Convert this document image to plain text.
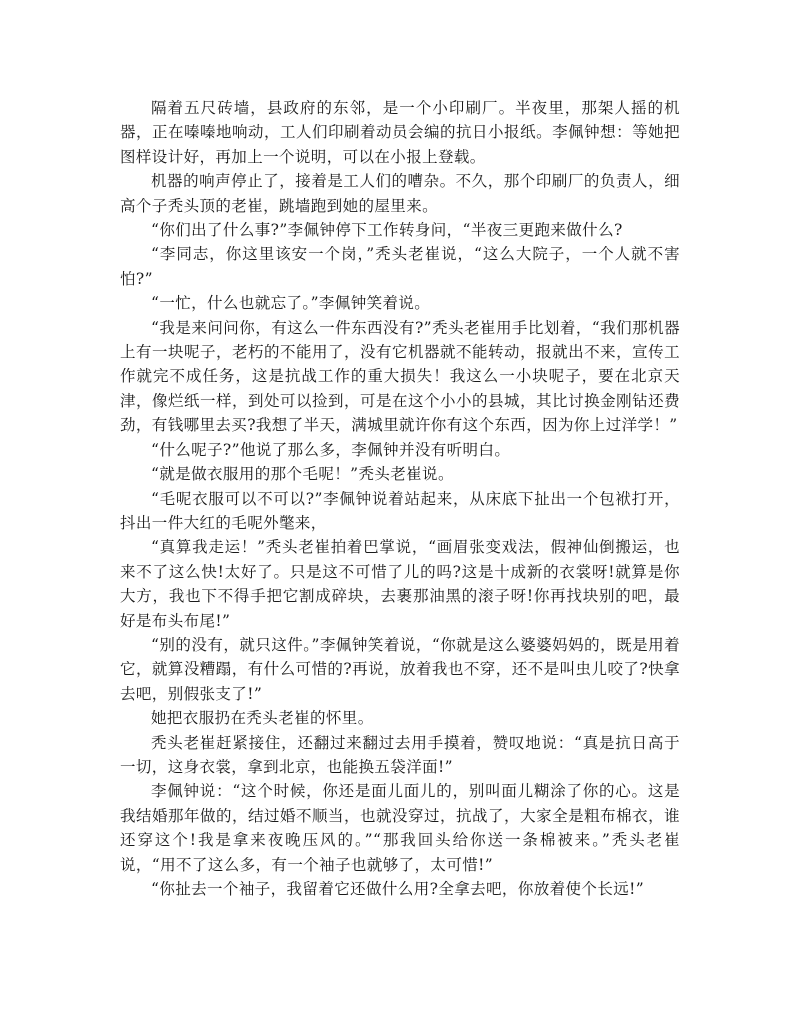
隔着五尺砖墙，县政府的东邻，是一个小印刷厂。半夜里，那架人摇的机器，正在嗪嗪地响动，工人们印刷着动员会编的抗日小报纸。李佩钟想：等她把图样设计好，再加上一个说明，可以在小报上登载。

机器的响声停止了，接着是工人们的嘈杂。不久，那个印刷厂的负责人，细高个子秃头顶的老崔，跳墙跑到她的屋里来。

“你们出了什么事?”李佩钟停下工作转身问，“半夜三更跑来做什么?

“李同志，你这里该安一个岗，”秃头老崔说，“这么大院子，一个人就不害怕?”

“一忙，什么也就忘了。”李佩钟笑着说。

“我是来问问你，有这么一件东西没有?”秃头老崔用手比划着，“我们那机器上有一块呢子，老朽的不能用了，没有它机器就不能转动，报就出不来，宣传工作就完不成任务，这是抗战工作的重大损失！我这么一小块呢子，要在北京天津，像烂纸一样，到处可以捡到，可是在这个小小的县城，其比讨换金刚钻还费劲，有钱哪里去买?我想了半天，满城里就许你有这个东西，因为你上过洋学！”

“什么呢子?”他说了那么多，李佩钟并没有听明白。

“就是做衣服用的那个毛呢！”秃头老崔说。

“毛呢衣服可以不可以?”李佩钟说着站起来，从床底下扯出一个包袱打开，抖出一件大红的毛呢外氅来，

“真算我走运！”秃头老崔拍着巴掌说，“画眉张变戏法，假神仙倒搬运，也来不了这么快!太好了。只是这不可惜了儿的吗?这是十成新的衣裳呀!就算是你大方，我也下不得手把它割成碎块，去裹那油黑的滚子呀!你再找块别的吧，最好是布头布尾!”

“别的没有，就只这件。”李佩钟笑着说，“你就是这么婆婆妈妈的，既是用着它，就算没糟蹋，有什么可惜的?再说，放着我也不穿，还不是叫虫儿咬了?快拿去吧，别假张支了!”

她把衣服扔在秃头老崔的怀里。

秃头老崔赶紧接住，还翻过来翻过去用手摸着，赞叹地说：“真是抗日高于一切，这身衣裳，拿到北京，也能换五袋洋面!”

李佩钟说：“这个时候，你还是面儿面儿的，别叫面儿糊涂了你的心。这是我结婚那年做的，结过婚不顺当，也就没穿过，抗战了，大家全是粗布棉衣，谁还穿这个!我是拿来夜晚压风的。”“那我回头给你送一条棉被来。”秃头老崔说，“用不了这么多，有一个袖子也就够了，太可惜!”

“你扯去一个袖子，我留着它还做什么用?全拿去吧，你放着使个长远!”
